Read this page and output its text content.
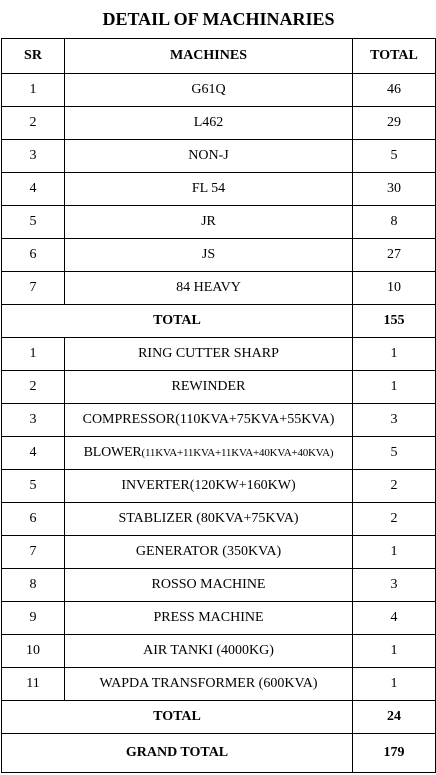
DETAIL OF MACHINARIES		
SR	MACHINES	TOTAL
1	G61Q	46
2	L462	29
3	NON-J	5
4	FL 54	30
5	JR	8
6	JS	27
7	84 HEAVY	10
TOTAL		155
1	RING CUTTER SHARP	1
2	REWINDER	1
3	COMPRESSOR(110KVA+75KVA+55KVA)	3
4	BLOWER(11KVA+11KVA+11KVA+40KVA+40KVA)	5
5	INVERTER(120KW+160KW)	2
6	STABLIZER (80KVA+75KVA)	2
7	GENERATOR (350KVA)	1
8	ROSSO MACHINE	3
9	PRESS MACHINE	4
10	AIR TANKI (4000KG)	1
11	WAPDA TRANSFORMER (600KVA)	1
TOTAL		24
GRAND TOTAL		179
